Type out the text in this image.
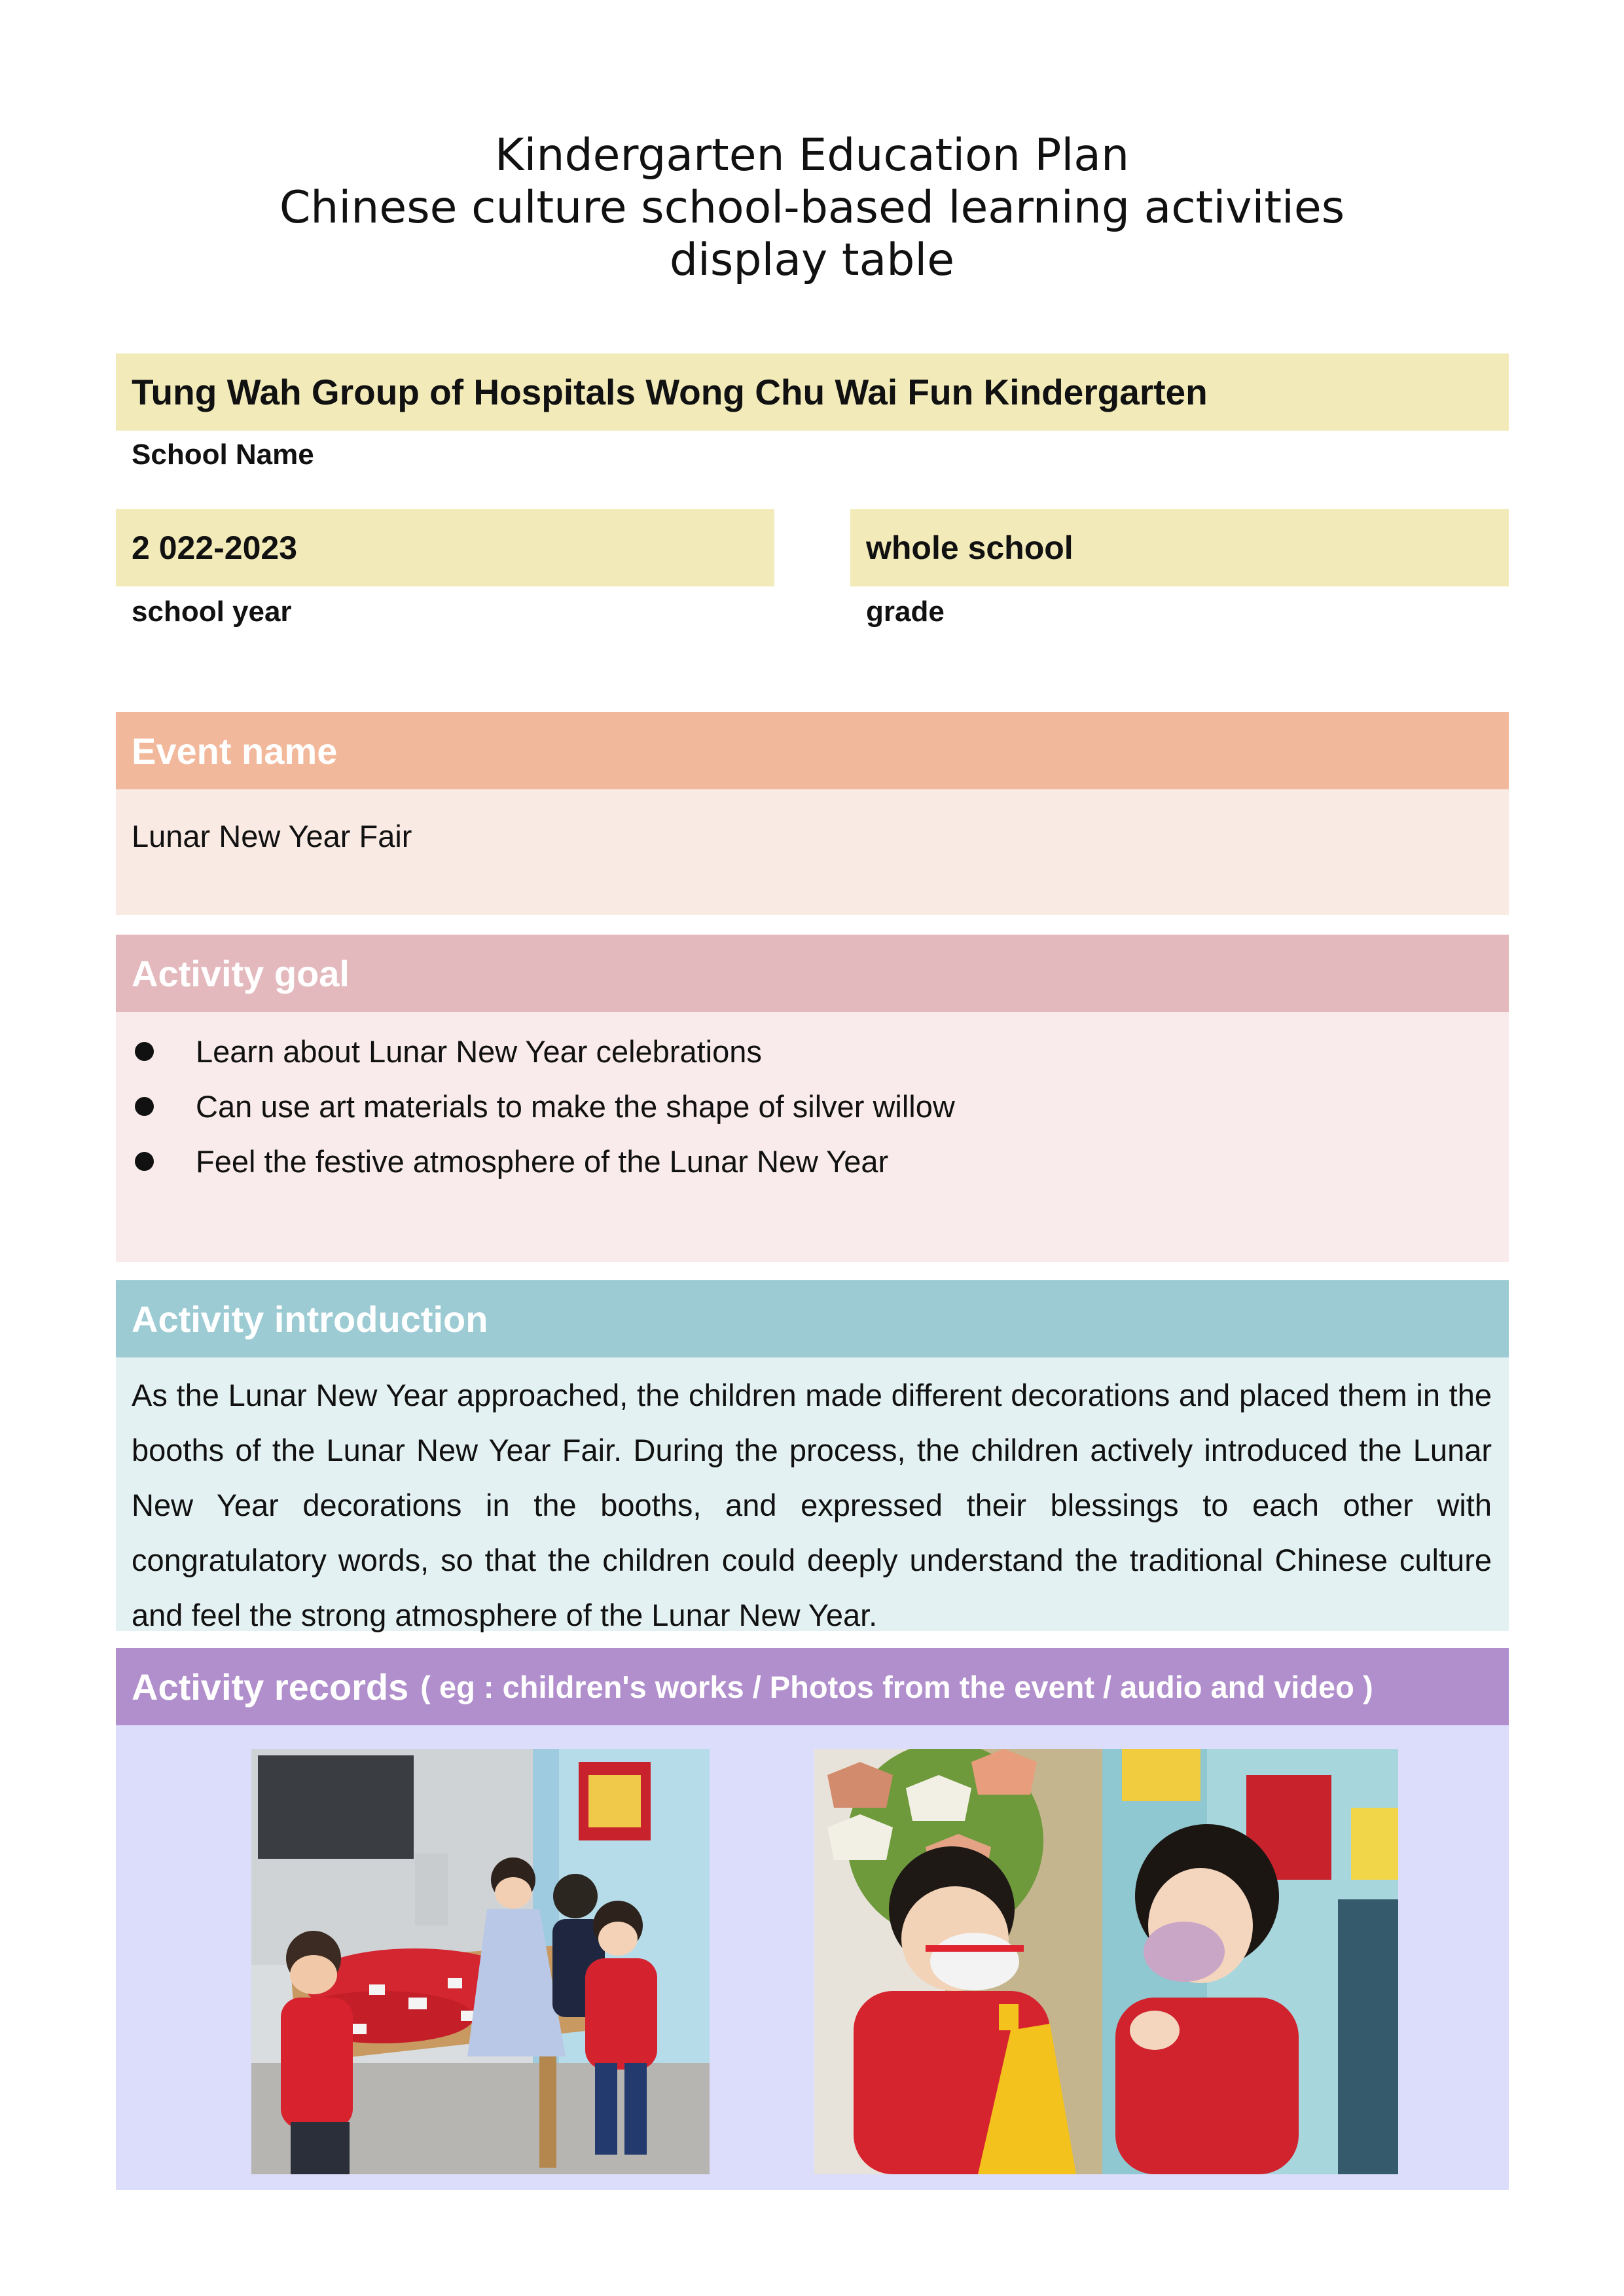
Kindergarten Education Plan
Chinese culture school-based learning activities
display table
Tung Wah Group of Hospitals Wong Chu Wai Fun Kindergarten
School Name
2 022-2023
school year
whole school
grade
Event name
Lunar New Year Fair
Activity goal
Learn about Lunar New Year celebrations
Can use art materials to make the shape of silver willow
Feel the festive atmosphere of the Lunar New Year
Activity introduction
As the Lunar New Year approached, the children made different decorations and placed them in the booths of the Lunar New Year Fair. During the process, the children actively introduced the Lunar New Year decorations in the booths, and expressed their blessings to each other with congratulatory words, so that the children could deeply understand the traditional Chinese culture and feel the strong atmosphere of the Lunar New Year.
Activity records ( eg : children's works / Photos from the event / audio and video )
